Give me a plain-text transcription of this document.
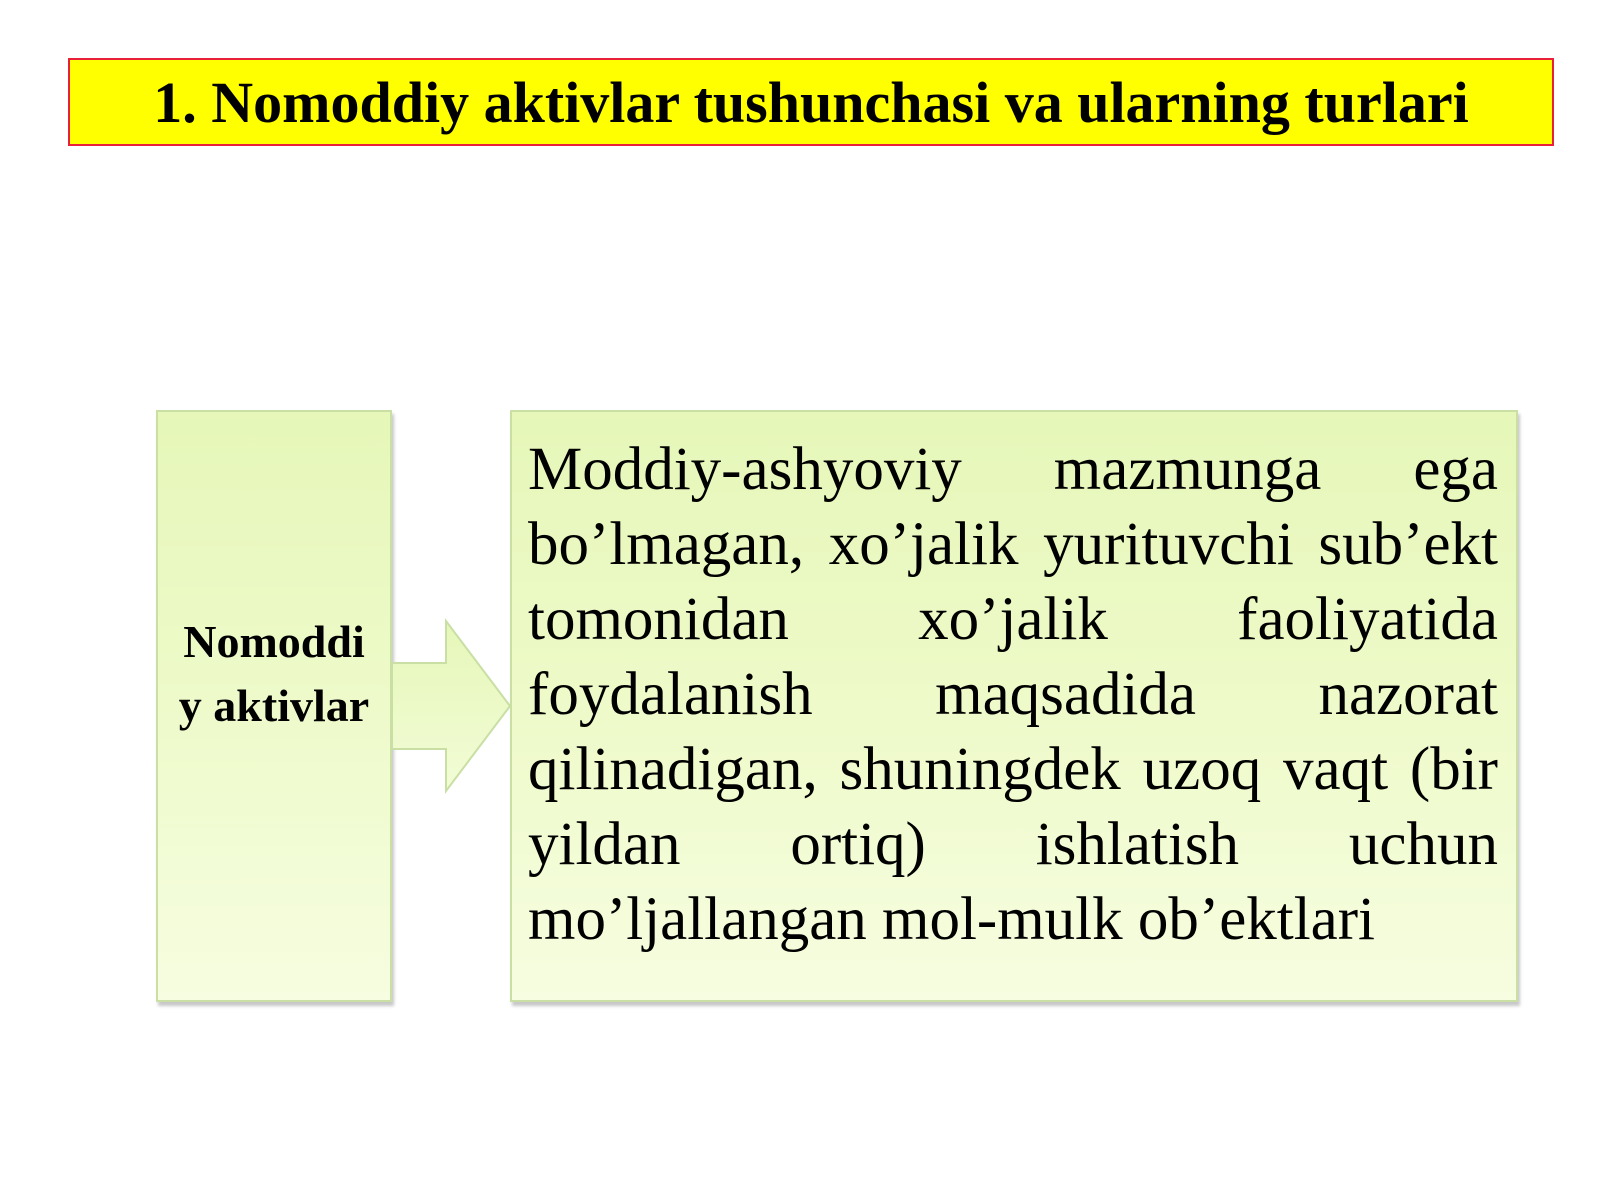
1. Nomoddiy aktivlar tushunchasi va ularning turlari
Nomoddiy aktivlar

Moddiy-ashyoviy mazmunga ega bo’lmagan, xo’jalik yurituvchi sub’ekt tomonidan xo’jalik faoliyatida foydalanish maqsadida nazorat qilinadigan, shuningdek uzoq vaqt (bir yildan ortiq) ishlatish uchun mo’ljallangan mol-mulk ob’ektlari
